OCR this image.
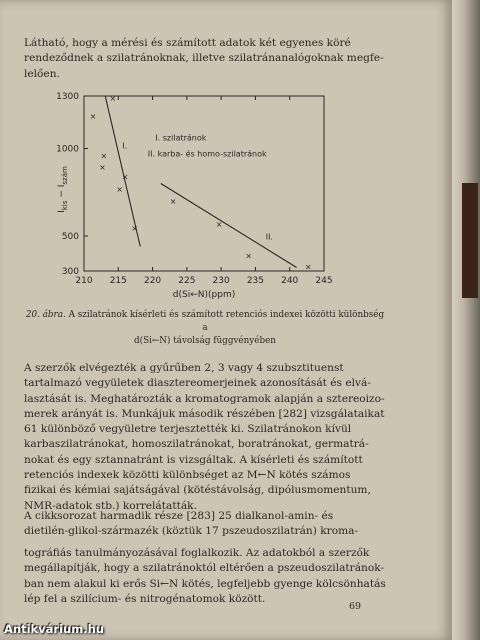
Látható, hogy a mérési és számított adatok két egyenes köré
rendeződnek a szilatránoknak, illetve szilatránanalógoknak megfe-
lelően.

210 215 220 225 230 235 240 245
300
500
1000
1300
×
×
×
×
×
×
×
×
×
×
×
I.
II.
I. szilatránok
II. karba- és homo-szilatránok
d(Si←N)(ppm)
$I_{kis} - I_{szám}$
20. ábra. A szilatránok kísérleti és számított retenciós indexei közötti különbség a
d(Si←N) távolság függvényében

A szerzők elvégezték a gyűrűben 2, 3 vagy 4 szubsztituenst
tartalmazó vegyületek diasztereomerjeinek azonosítását és elvá-
lasztását is. Meghatározták a kromatogramok alapján a sztereoizo-
merek arányát is. Munkájuk második részében [282] vizsgálataikat
61 különböző vegyületre terjesztették ki. Szilatránokon kívül
karbaszilatránokat, homoszilatránokat, boratránokat, germatrá-
nokat és egy sztannatránt is vizsgáltak. A kísérleti és számított
retenciós indexek közötti különbséget az M←N kötés számos
fizikai és kémiai sajátságával (kötéstávolság, dipólusmomentum,
NMR-adatok stb.) korrelátatták.

A cikksorozat harmadik része [283] 25 dialkanol-amin- és
dietilén-glikol-származék (köztük 17 pszeudoszilatrán) kroma-

tográfiás tanulmányozásával foglalkozik. Az adatokból a szerzők
megállapítják, hogy a szilatránoktól eltérően a pszeudoszilatránok-
ban nem alakul ki erős Si←N kötés, legfeljebb gyenge kölcsönhatás
lép fel a szilícium- és nitrogénatomok között.

69
Antikvárium.hu
